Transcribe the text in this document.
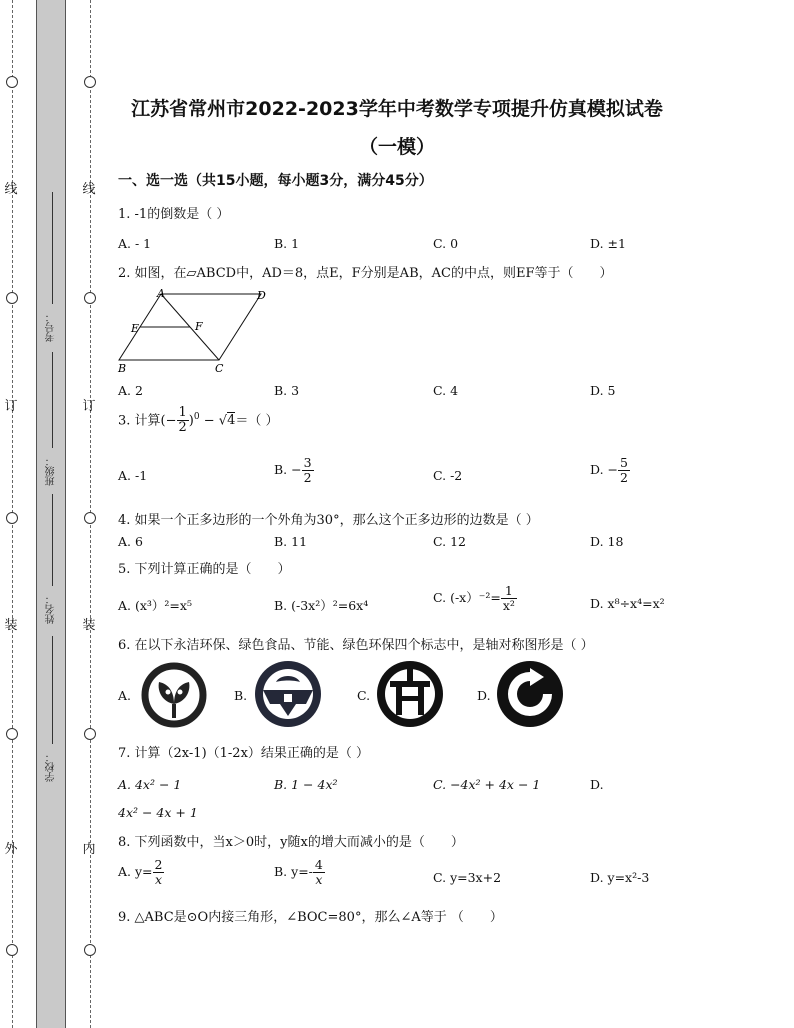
线
订
装
外
线
订
装
内
考号：
班级：
姓名：
学校：
江苏省常州市2022-2023学年中考数学专项提升仿真模拟试卷
（一模）
一、选一选（共15小题，每小题3分，满分45分）
1. -1的倒数是（ ）
A. - 1	B. 1	C. 0	D. ±1
2. 如图，在▱ABCD中，AD＝8，点E，F分别是AB，AC的中点，则EF等于（　　）
A	D
E	F
B	C
A. 2	B. 3	C. 4	D. 5
3. 计算(− $\frac{1}{2} )^0 - √4=$（ ）
A. -1	B. − $\frac{3}{2}$	C. -2	D. − $\frac{5}{2}$
4. 如果一个正多边形的一个外角为30°，那么这个正多边形的边数是（ ）
A. 6	B. 11	C. 12	D. 18
5. 下列计算正确的是（　　）
A. (x³）²=x⁵	B. (-3x²）²=6x⁴
C. $(-x)^{-2}= \frac{1}{\text{x²}}$	D. x⁸÷x⁴=x²
6. 在以下永洁环保、绿色食品、节能、绿色环保四个标志中，是轴对称图形是（ ）
A.	B.	C.	D.
7. 计算（2x-1)（1-2x）结果正确的是（ ）
A. 4x² − 1	B. 1 − 4x²	C. −4x² + 4x − 1	D.
4x² − 4x + 1
8. 下列函数中，当x＞0时，y随x的增大而减小的是（　　）
A. $y= \frac{2}{x}$	B. $y=- \frac{4}{x}$	C. y=3x+2	D. y=x²-3
9. △ABC是⊙O内接三角形，∠BOC=80°，那么∠A等于 （　　）
